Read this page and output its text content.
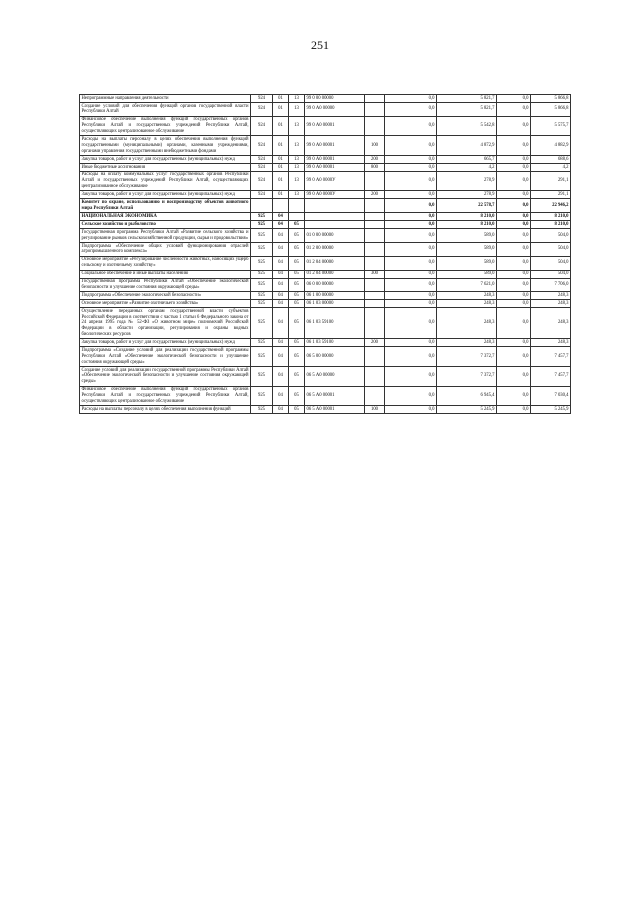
251
Непрограммные направления деятельности	924	01	13	99 0 00 00000		0,0	5 821,7	0,0	5 866,8
Создание условий для обеспечения функций органов государственной власти Республики Алтай	924	01	13	99 0 А0 00000		0,0	5 821,7	0,0	5 866,8
Финансовое обеспечение выполнения функций государственных органов Республики Алтай и государственных учреждений Республики Алтай, осуществляющих централизованное обслуживание	924	01	13	99 0 А0 00001		0,0	5 542,8	0,0	5 575,7
Расходы на выплаты персоналу в целях обеспечения выполнения функций государственными (муниципальными) органами, казенными учреждениями, органами управления государственными внебюджетными фондами	924	01	13	99 0 А0 00001	100	0,0	4 872,9	0,0	4 882,9
Закупка товаров, работ и услуг для государственных (муниципальных) нужд	924	01	13	99 0 А0 00001	200	0,0	665,7	0,0	688,6
Иные бюджетные ассигнования	924	01	13	99 0 А0 00001	800	0,0	4,2	0,0	4,2
Расходы на оплату коммунальных услуг государственных органов Республики Алтай и государственных учреждений Республики Алтай, осуществляющих централизованное обслуживание	924	01	13	99 0 А0 0000У		0,0	278,9	0,0	291,1
Закупка товаров, работ и услуг для государственных (муниципальных) нужд	924	01	13	99 0 А0 0000У	200	0,0	278,9	0,0	291,1
Комитет по охране, использованию и воспроизводству объектов животного мира Республики Алтай						0,0	22 578,7	0,0	22 946,2
НАЦИОНАЛЬНАЯ ЭКОНОМИКА	925	04				0,0	8 210,0	0,0	8 210,0
Сельское хозяйство и рыболовство	925	04	05			0,0	8 210,0	0,0	8 210,0
Государственная программа Республики Алтай «Развитие сельского хозяйства и регулирование рынков сельскохозяйственной продукции, сырья и продовольствия»	925	04	05	01 0 00 00000		0,0	589,0	0,0	504,0
Подпрограмма «Обеспечение общих условий функционирования отраслей агропромышленного комплекса»	925	04	05	01 2 00 00000		0,0	589,0	0,0	504,0
Основное мероприятие «Регулирование численности животных, наносящих ущерб сельскому и охотничьему хозяйству»	925	04	05	01 2 04 00000		0,0	589,0	0,0	504,0
Социальное обеспечение и иные выплаты населению	925	04	05	01 2 04 00000	300	0,0	589,0	0,0	504,0
Государственная программа Республики Алтай «Обеспечение экологической безопасности и улучшение состояния окружающей среды»	925	04	05	06 0 00 00000		0,0	7 621,0	0,0	7 706,0
Подпрограмма «Обеспечение экологической безопасности»	925	04	05	06 1 00 00000		0,0	248,3	0,0	248,3
Основное мероприятие «Развитие охотничьего хозяйства»	925	04	05	06 1 03 00000		0,0	248,3	0,0	248,3
Осуществление переданных органам государственной власти субъектов Российской Федерации в соответствии с частью 1 статьи 6 Федерального закона от 24 апреля 1995 года № 52-ФЗ «О животном мире» полномочий Российской Федерации в области организации, регулирования и охраны водных биологических ресурсов	925	04	05	06 1 03 59100		0,0	248,3	0,0	248,3
Закупка товаров, работ и услуг для государственных (муниципальных) нужд	925	04	05	06 1 03 59100	200	0,0	248,3	0,0	248,3
Подпрограмма «Создание условий для реализации государственной программы Республики Алтай «Обеспечение экологической безопасности и улучшение состояния окружающей среды»	925	04	05	06 5 00 00000		0,0	7 372,7	0,0	7 457,7
Создание условий для реализации государственной программы Республики Алтай «Обеспечение экологической безопасности и улучшение состояния окружающей среды»	925	04	05	06 5 А0 00000		0,0	7 372,7	0,0	7 457,7
Финансовое обеспечение выполнения функций государственных органов Республики Алтай и государственных учреждений Республики Алтай, осуществляющих централизованное обслуживание	925	04	05	06 5 А0 00001		0,0	6 945,4	0,0	7 030,4
Расходы на выплаты персоналу в целях обеспечения выполнения функций	925	04	05	06 5 А0 00001	100	0,0	5 245,9	0,0	5 245,9
